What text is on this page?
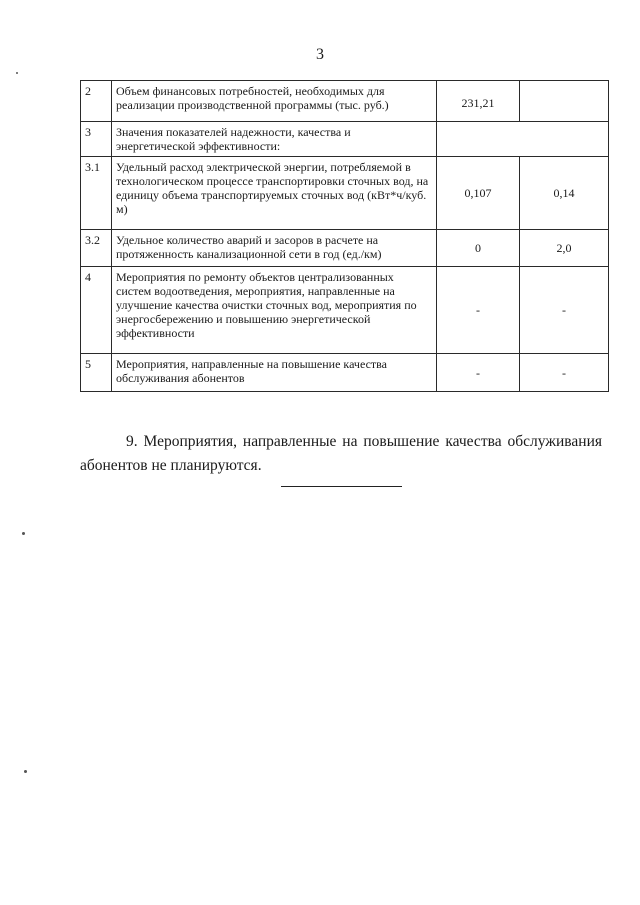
3
2	Объем финансовых потребностей, необходимых для реализации производственной программы (тыс. руб.)	231,21	
3	Значения показателей надежности, качества и энергетической эффективности:		
3.1	Удельный расход электрической энергии, потребляемой в технологическом процессе транспортировки сточных вод, на единицу объема транспортируемых сточных вод (кВт*ч/куб. м)	0,107	0,14
3.2	Удельное количество аварий и засоров в расчете на протяженность канализационной сети в год (ед./км)	0	2,0
4	Мероприятия по ремонту объектов централизованных систем водоотведения, мероприятия, направленные на улучшение качества очистки сточных вод, мероприятия по энергосбережению и повышению энергетической эффективности	-	-
5	Мероприятия, направленные на повышение качества обслуживания абонентов	-	-
9. Мероприятия, направленные на повышение качества обслуживания абонентов не планируются.
